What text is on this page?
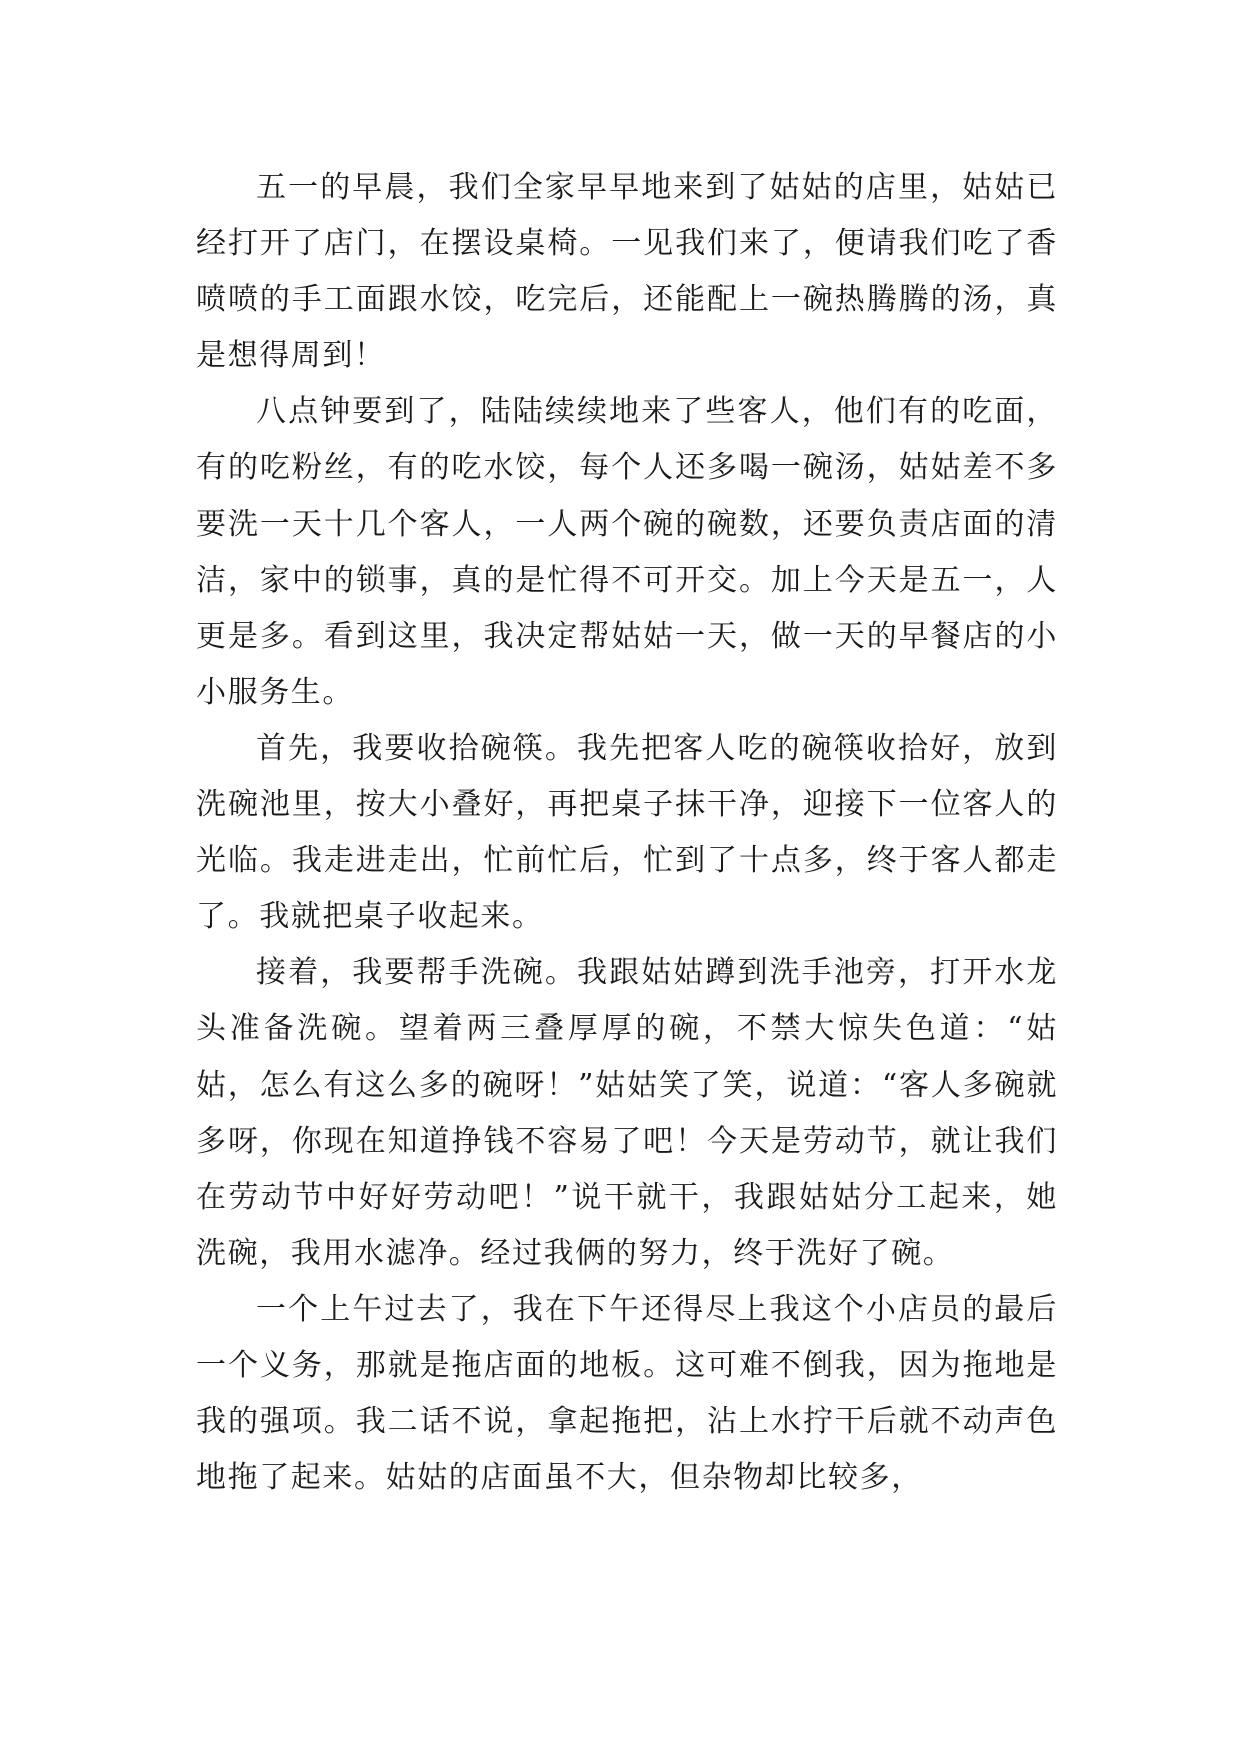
五一的早晨，我们全家早早地来到了姑姑的店里，姑姑已经打开了店门，在摆设桌椅。一见我们来了，便请我们吃了香喷喷的手工面跟水饺，吃完后，还能配上一碗热腾腾的汤，真是想得周到！

八点钟要到了，陆陆续续地来了些客人，他们有的吃面，有的吃粉丝，有的吃水饺，每个人还多喝一碗汤，姑姑差不多要洗一天十几个客人，一人两个碗的碗数，还要负责店面的清洁，家中的锁事，真的是忙得不可开交。加上今天是五一，人更是多。看到这里，我决定帮姑姑一天，做一天的早餐店的小小服务生。

首先，我要收拾碗筷。我先把客人吃的碗筷收拾好，放到洗碗池里，按大小叠好，再把桌子抹干净，迎接下一位客人的光临。我走进走出，忙前忙后，忙到了十点多，终于客人都走了。我就把桌子收起来。

接着，我要帮手洗碗。我跟姑姑蹲到洗手池旁，打开水龙头准备洗碗。望着两三叠厚厚的碗，不禁大惊失色道：“姑姑，怎么有这么多的碗呀！”姑姑笑了笑，说道：“客人多碗就多呀，你现在知道挣钱不容易了吧！今天是劳动节，就让我们在劳动节中好好劳动吧！”说干就干，我跟姑姑分工起来，她洗碗，我用水滤净。经过我俩的努力，终于洗好了碗。

一个上午过去了，我在下午还得尽上我这个小店员的最后一个义务，那就是拖店面的地板。这可难不倒我，因为拖地是我的强项。我二话不说，拿起拖把，沾上水拧干后就不动声色地拖了起来。姑姑的店面虽不大，但杂物却比较多，
